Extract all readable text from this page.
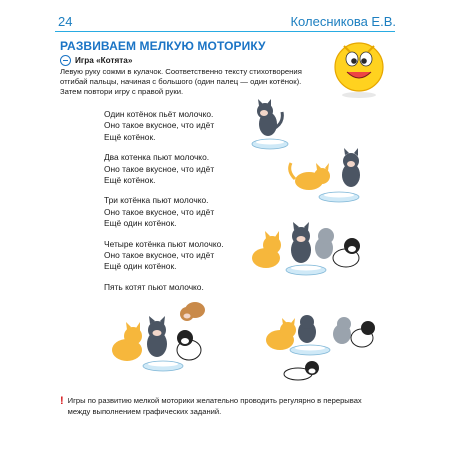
24	Колесникова Е.В.
РАЗВИВАЕМ МЕЛКУЮ МОТОРИКУ
Игра «Котята»
Левую руку сожми в кулачок. Соответственно тексту стихотворения отгибай пальцы, начиная с большого (один палец — один котёнок). Затем повтори игру с правой руки.
Один котёнок пьёт молочко.
Оно такое вкусное, что идёт
Ещё котёнок.
Два котенка пьют молочко.
Оно такое вкусное, что идёт
Ещё котёнок.
Три котёнка пьют молочко.
Оно такое вкусное, что идёт
Ещё один котёнок.
Четыре котёнка пьют молочко.
Оно такое вкусное, что идёт
Ещё один котёнок.
Пять котят пьют молочко.
! Игры по развитию мелкой моторики желательно проводить регулярно в перерывах между выполнением графических заданий.
